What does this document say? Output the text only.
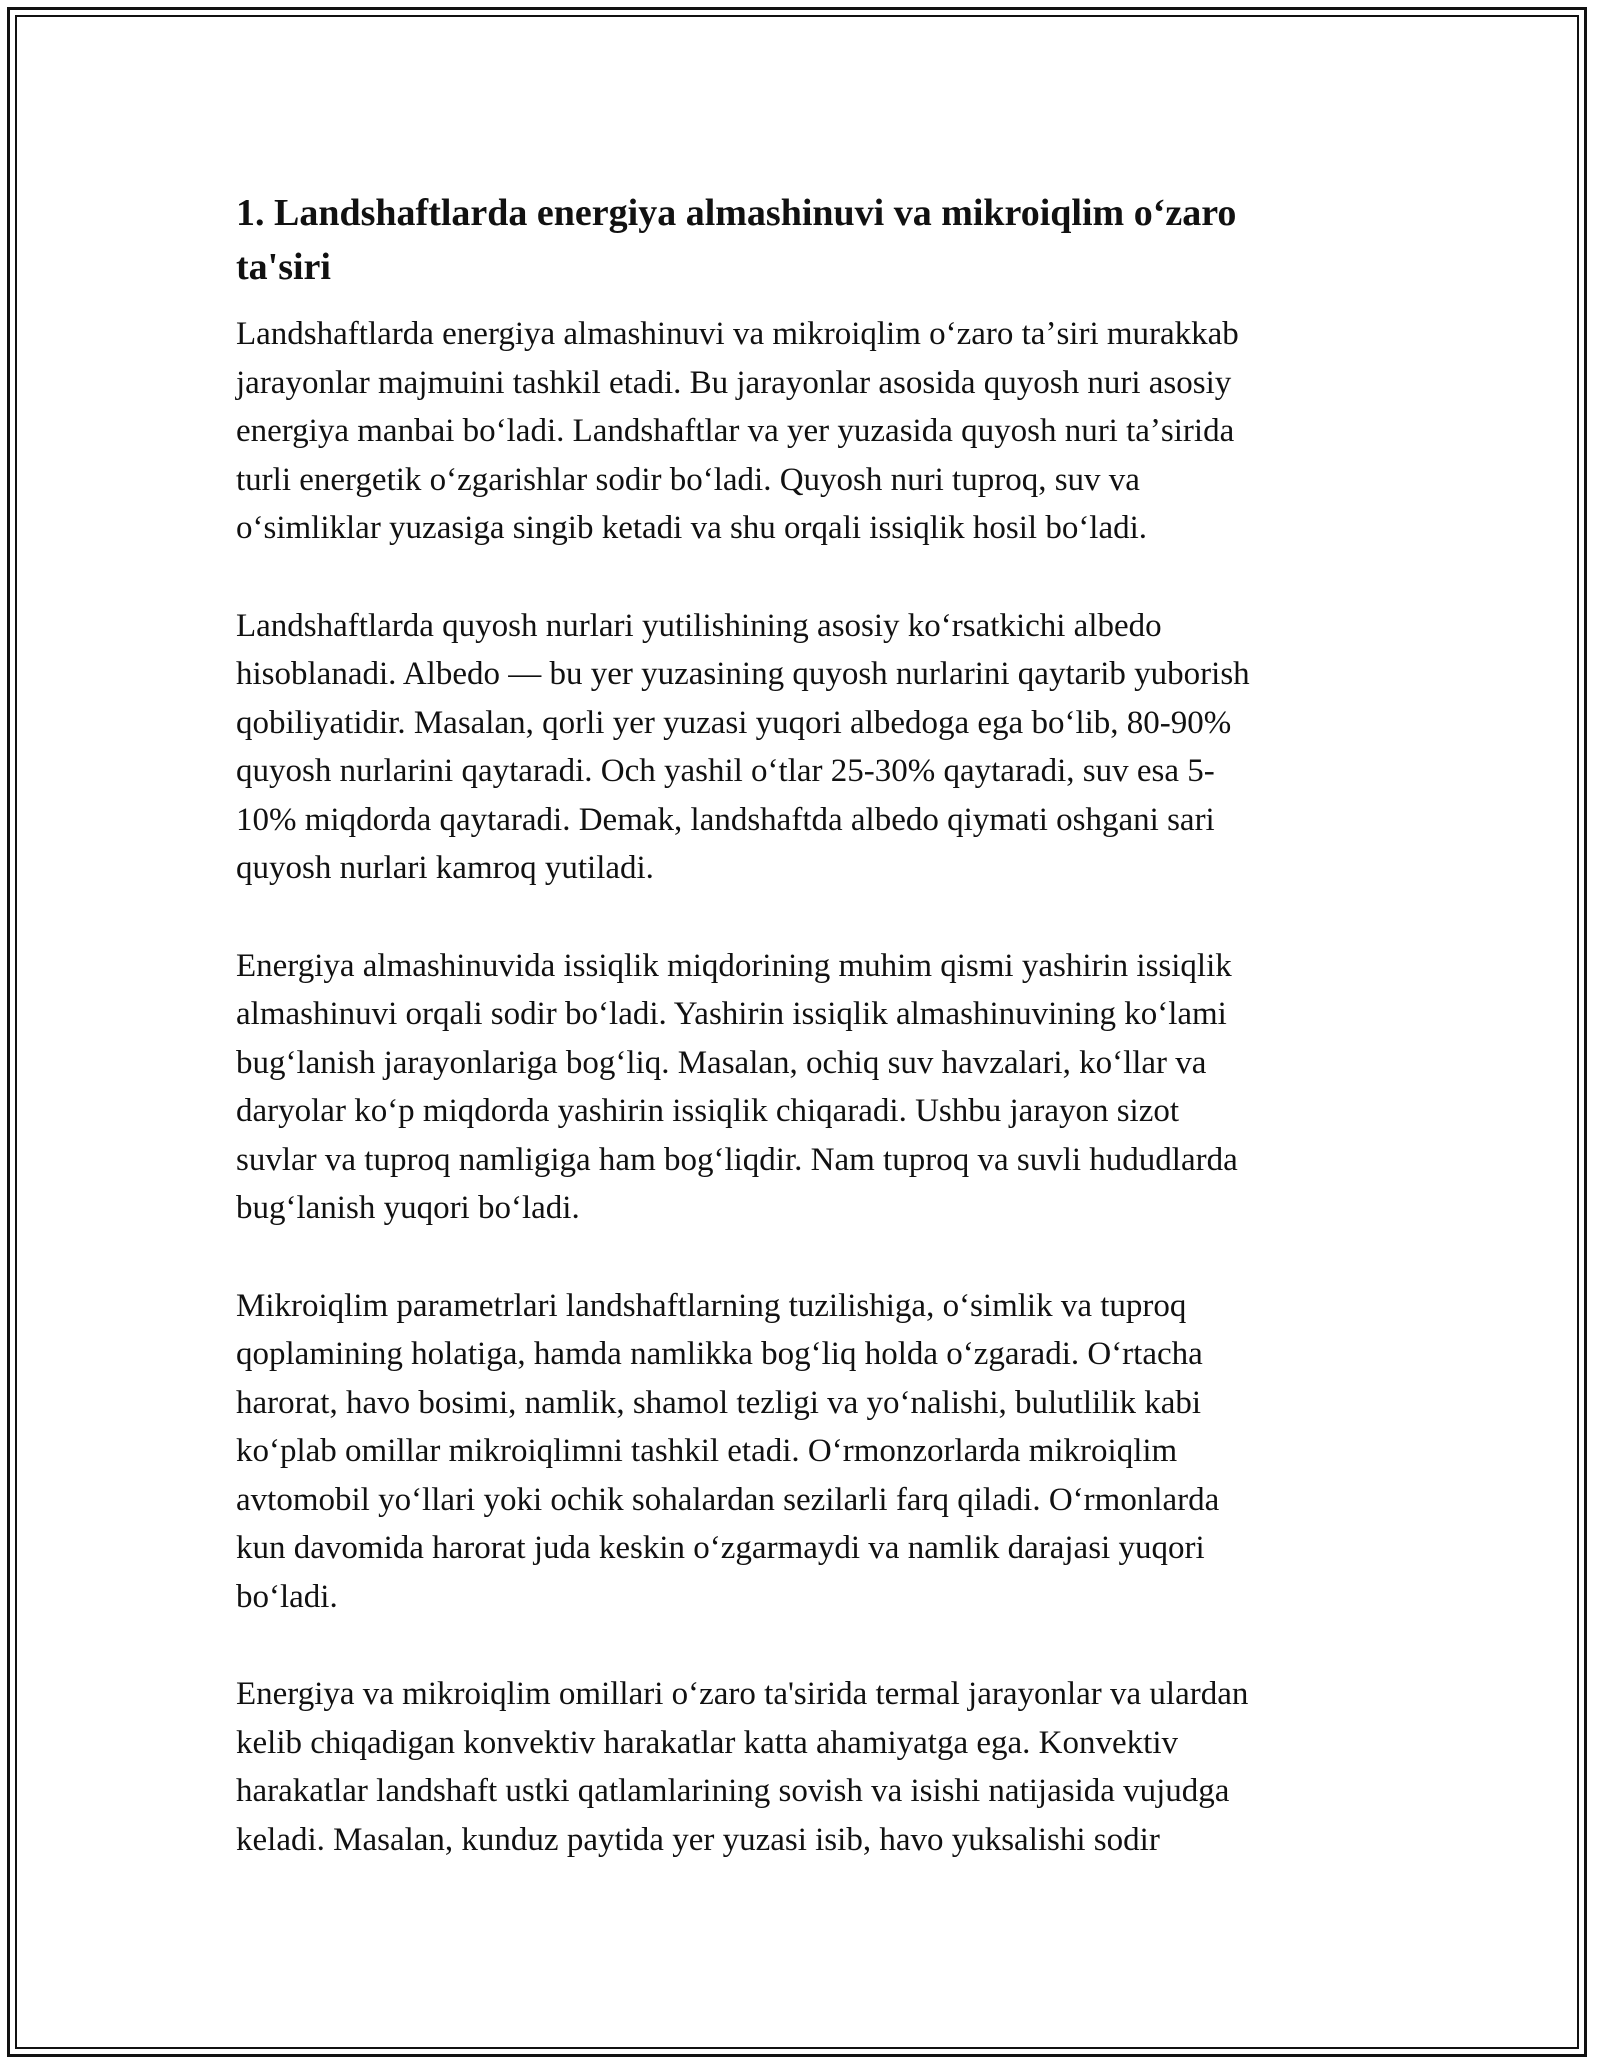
1. Landshaftlarda energiya almashinuvi va mikroiqlim oʻzaro
ta'siri

Landshaftlarda energiya almashinuvi va mikroiqlim oʻzaro taʼsiri murakkab
jarayonlar majmuini tashkil etadi. Bu jarayonlar asosida quyosh nuri asosiy
energiya manbai boʻladi. Landshaftlar va yer yuzasida quyosh nuri taʼsirida
turli energetik oʻzgarishlar sodir boʻladi. Quyosh nuri tuproq, suv va
oʻsimliklar yuzasiga singib ketadi va shu orqali issiqlik hosil boʻladi.

Landshaftlarda quyosh nurlari yutilishining asosiy koʻrsatkichi albedo
hisoblanadi. Albedo — bu yer yuzasining quyosh nurlarini qaytarib yuborish
qobiliyatidir. Masalan, qorli yer yuzasi yuqori albedoga ega boʻlib, 80-90%
quyosh nurlarini qaytaradi. Och yashil oʻtlar 25-30% qaytaradi, suv esa 5-
10% miqdorda qaytaradi. Demak, landshaftda albedo qiymati oshgani sari
quyosh nurlari kamroq yutiladi.

Energiya almashinuvida issiqlik miqdorining muhim qismi yashirin issiqlik
almashinuvi orqali sodir boʻladi. Yashirin issiqlik almashinuvining koʻlami
bugʻlanish jarayonlariga bogʻliq. Masalan, ochiq suv havzalari, koʻllar va
daryolar koʻp miqdorda yashirin issiqlik chiqaradi. Ushbu jarayon sizot
suvlar va tuproq namligiga ham bogʻliqdir. Nam tuproq va suvli hududlarda
bugʻlanish yuqori boʻladi.

Mikroiqlim parametrlari landshaftlarning tuzilishiga, oʻsimlik va tuproq
qoplamining holatiga, hamda namlikka bogʻliq holda oʻzgaradi. Oʻrtacha
harorat, havo bosimi, namlik, shamol tezligi va yoʻnalishi, bulutlilik kabi
koʻplab omillar mikroiqlimni tashkil etadi. Oʻrmonzorlarda mikroiqlim
avtomobil yoʻllari yoki ochik sohalardan sezilarli farq qiladi. Oʻrmonlarda
kun davomida harorat juda keskin oʻzgarmaydi va namlik darajasi yuqori
boʻladi.

Energiya va mikroiqlim omillari oʻzaro ta'sirida termal jarayonlar va ulardan
kelib chiqadigan konvektiv harakatlar katta ahamiyatga ega. Konvektiv
harakatlar landshaft ustki qatlamlarining sovish va isishi natijasida vujudga
keladi. Masalan, kunduz paytida yer yuzasi isib, havo yuksalishi sodir
